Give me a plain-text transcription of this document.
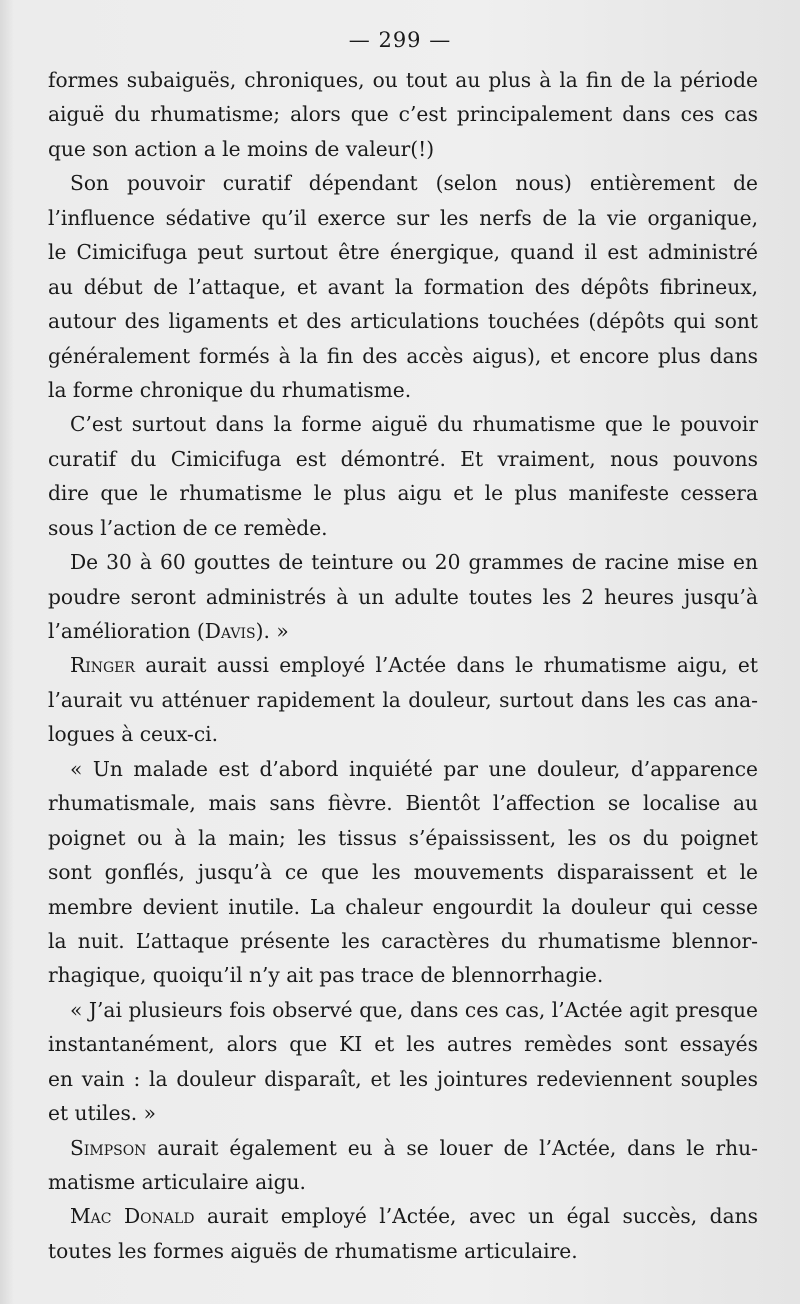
— 299 —
formes subaiguës, chroniques, ou tout au plus à la fin de la période
aiguë du rhumatisme; alors que c’est principalement dans ces cas
que son action a le moins de valeur(!)
Son pouvoir curatif dépendant (selon nous) entièrement de
l’influence sédative qu’il exerce sur les nerfs de la vie organique,
le Cimicifuga peut surtout être énergique, quand il est administré
au début de l’attaque, et avant la formation des dépôts fibrineux,
autour des ligaments et des articulations touchées (dépôts qui sont
généralement formés à la fin des accès aigus), et encore plus dans
la forme chronique du rhumatisme.
C’est surtout dans la forme aiguë du rhumatisme que le pouvoir
curatif du Cimicifuga est démontré. Et vraiment, nous pouvons
dire que le rhumatisme le plus aigu et le plus manifeste cessera
sous l’action de ce remède.
De 30 à 60 gouttes de teinture ou 20 grammes de racine mise en
poudre seront administrés à un adulte toutes les 2 heures jusqu’à
l’amélioration (Davis). »
Ringer aurait aussi employé l’Actée dans le rhumatisme aigu, et
l’aurait vu atténuer rapidement la douleur, surtout dans les cas ana-
logues à ceux-ci.
« Un malade est d’abord inquiété par une douleur, d’apparence
rhumatismale, mais sans fièvre. Bientôt l’affection se localise au
poignet ou à la main; les tissus s’épaississent, les os du poignet
sont gonflés, jusqu’à ce que les mouvements disparaissent et le
membre devient inutile. La chaleur engourdit la douleur qui cesse
la nuit. L’attaque présente les caractères du rhumatisme blennor-
rhagique, quoiqu’il n’y ait pas trace de blennorrhagie.
« J’ai plusieurs fois observé que, dans ces cas, l’Actée agit presque
instantanément, alors que KI et les autres remèdes sont essayés
en vain : la douleur disparaît, et les jointures redeviennent souples
et utiles. »
Simpson aurait également eu à se louer de l’Actée, dans le rhu-
matisme articulaire aigu.
Mac Donald aurait employé l’Actée, avec un égal succès, dans
toutes les formes aiguës de rhumatisme articulaire.
